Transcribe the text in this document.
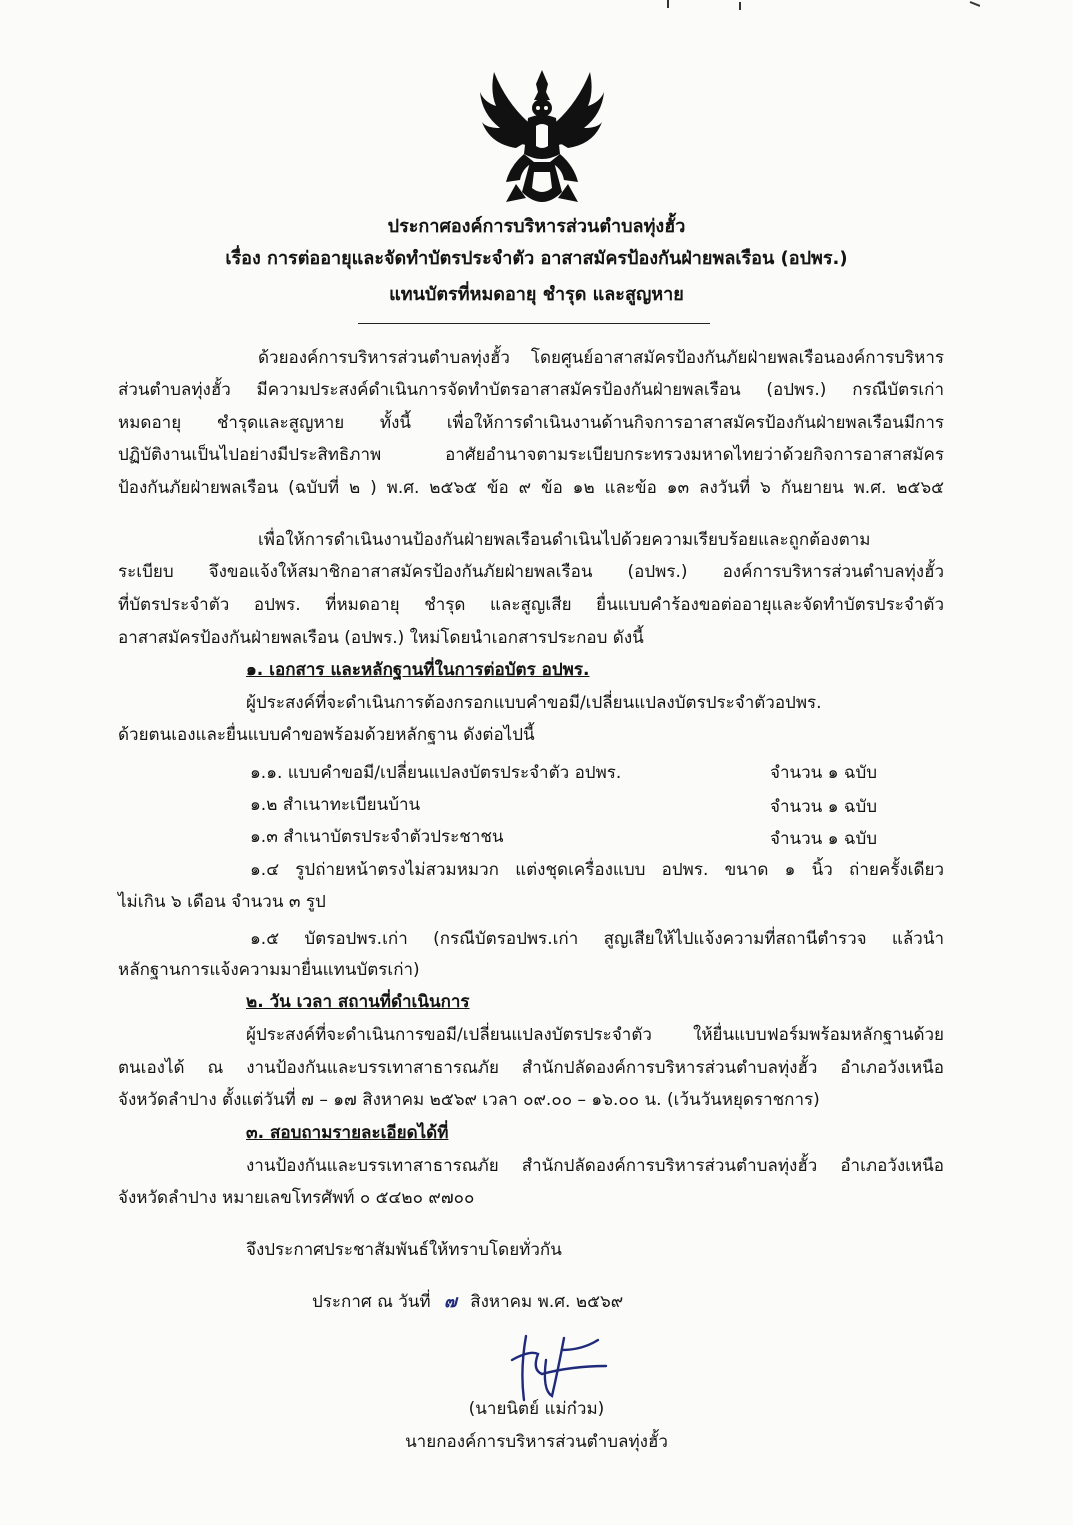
ประกาศองค์การบริหารส่วนตำบลทุ่งฮั้ว
เรื่อง การต่ออายุและจัดทำบัตรประจำตัว อาสาสมัครป้องกันฝ่ายพลเรือน (อปพร.)
แทนบัตรที่หมดอายุ ชำรุด และสูญหาย
ด้วยองค์การบริหารส่วนตำบลทุ่งฮั้ว โดยศูนย์อาสาสมัครป้องกันภัยฝ่ายพลเรือนองค์การบริหาร
ส่วนตำบลทุ่งฮั้ว มีความประสงค์ดำเนินการจัดทำบัตรอาสาสมัครป้องกันฝ่ายพลเรือน (อปพร.) กรณีบัตรเก่า
หมดอายุ ชำรุดและสูญหาย ทั้งนี้ เพื่อให้การดำเนินงานด้านกิจการอาสาสมัครป้องกันฝ่ายพลเรือนมีการ
ปฏิบัติงานเป็นไปอย่างมีประสิทธิภาพ อาศัยอำนาจตามระเบียบกระทรวงมหาดไทยว่าด้วยกิจการอาสาสมัคร
ป้องกันภัยฝ่ายพลเรือน (ฉบับที่ ๒ ) พ.ศ. ๒๕๖๕ ข้อ ๙ ข้อ ๑๒ และข้อ ๑๓ ลงวันที่ ๖ กันยายน พ.ศ. ๒๕๖๕
เพื่อให้การดำเนินงานป้องกันฝ่ายพลเรือนดำเนินไปด้วยความเรียบร้อยและถูกต้องตาม
ระเบียบ จึงขอแจ้งให้สมาชิกอาสาสมัครป้องกันภัยฝ่ายพลเรือน (อปพร.) องค์การบริหารส่วนตำบลทุ่งฮั้ว
ที่บัตรประจำตัว อปพร. ที่หมดอายุ ชำรุด และสูญเสีย ยื่นแบบคำร้องขอต่ออายุและจัดทำบัตรประจำตัว
อาสาสมัครป้องกันฝ่ายพลเรือน (อปพร.) ใหม่โดยนำเอกสารประกอบ ดังนี้
๑. เอกสาร และหลักฐานที่ในการต่อบัตร อปพร.
ผู้ประสงค์ที่จะดำเนินการต้องกรอกแบบคำขอมี/เปลี่ยนแปลงบัตรประจำตัวอปพร.
ด้วยตนเองและยื่นแบบคำขอพร้อมด้วยหลักฐาน ดังต่อไปนี้
๑.๑. แบบคำขอมี/เปลี่ยนแปลงบัตรประจำตัว อปพร.	จำนวน ๑ ฉบับ
๑.๒ สำเนาทะเบียนบ้าน	จำนวน ๑ ฉบับ
๑.๓ สำเนาบัตรประจำตัวประชาชน	จำนวน ๑ ฉบับ
๑.๔ รูปถ่ายหน้าตรงไม่สวมหมวก แต่งชุดเครื่องแบบ อปพร. ขนาด ๑ นิ้ว ถ่ายครั้งเดียว
ไม่เกิน ๖ เดือน จำนวน ๓ รูป
๑.๕ บัตรอปพร.เก่า (กรณีบัตรอปพร.เก่า สูญเสียให้ไปแจ้งความที่สถานีตำรวจ แล้วนำ
หลักฐานการแจ้งความมายื่นแทนบัตรเก่า)
๒. วัน เวลา สถานที่ดำเนินการ
ผู้ประสงค์ที่จะดำเนินการขอมี/เปลี่ยนแปลงบัตรประจำตัว ให้ยื่นแบบฟอร์มพร้อมหลักฐานด้วย
ตนเองได้ ณ งานป้องกันและบรรเทาสาธารณภัย สำนักปลัดองค์การบริหารส่วนตำบลทุ่งฮั้ว อำเภอวังเหนือ
จังหวัดลำปาง ตั้งแต่วันที่ ๗ – ๑๗ สิงหาคม ๒๕๖๙ เวลา ๐๙.๐๐ – ๑๖.๐๐ น. (เว้นวันหยุดราชการ)
๓. สอบถามรายละเอียดได้ที่
งานป้องกันและบรรเทาสาธารณภัย สำนักปลัดองค์การบริหารส่วนตำบลทุ่งฮั้ว อำเภอวังเหนือ
จังหวัดลำปาง หมายเลขโทรศัพท์ ๐ ๕๔๒๐ ๙๗๐๐
จึงประกาศประชาสัมพันธ์ให้ทราบโดยทั่วกัน
ประกาศ ณ วันที่ ๗ สิงหาคม พ.ศ. ๒๕๖๙
(นายนิตย์ แม่ก๋วม)
นายกองค์การบริหารส่วนตำบลทุ่งฮั้ว
